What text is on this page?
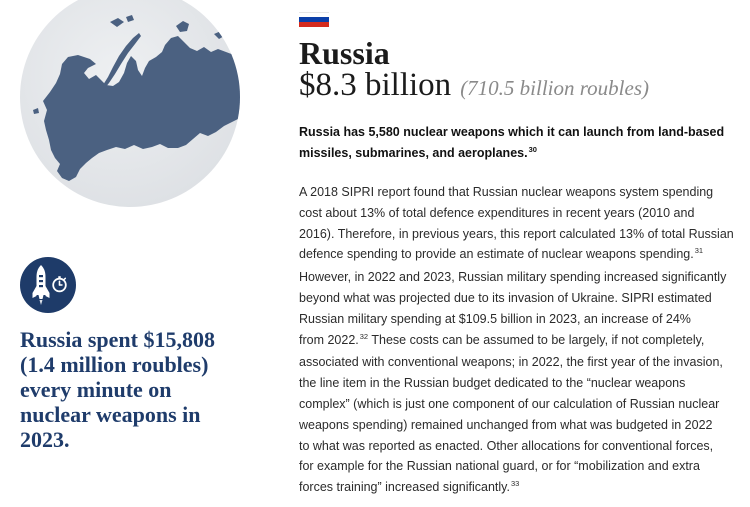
Russia spent $15,808
(1.4 million roubles)
every minute on
nuclear weapons in
2023.
Russia
$8.3 billion (710.5 billion roubles)
Russia has 5,580 nuclear weapons which it can launch from land-based
missiles, submarines, and aeroplanes.$^{30}$
A 2018 SIPRI report found that Russian nuclear weapons system spending
cost about 13% of total defence expenditures in recent years (2010 and
2016). Therefore, in previous years, this report calculated 13% of total Russian
defence spending to provide an estimate of nuclear weapons spending.$^{31}$
However, in 2022 and 2023, Russian military spending increased significantly
beyond what was projected due to its invasion of Ukraine. SIPRI estimated
Russian military spending at $109.5 billion in 2023, an increase of 24%
from 2022.32 These costs can be assumed to be largely, if not completely,
associated with conventional weapons; in 2022, the first year of the invasion,
the line item in the Russian budget dedicated to the “nuclear weapons
complex” (which is just one component of our calculation of Russian nuclear
weapons spending) remained unchanged from what was budgeted in 2022
to what was reported as enacted. Other allocations for conventional forces,
for example for the Russian national guard, or for “mobilization and extra
forces training” increased significantly.$^{33}$
